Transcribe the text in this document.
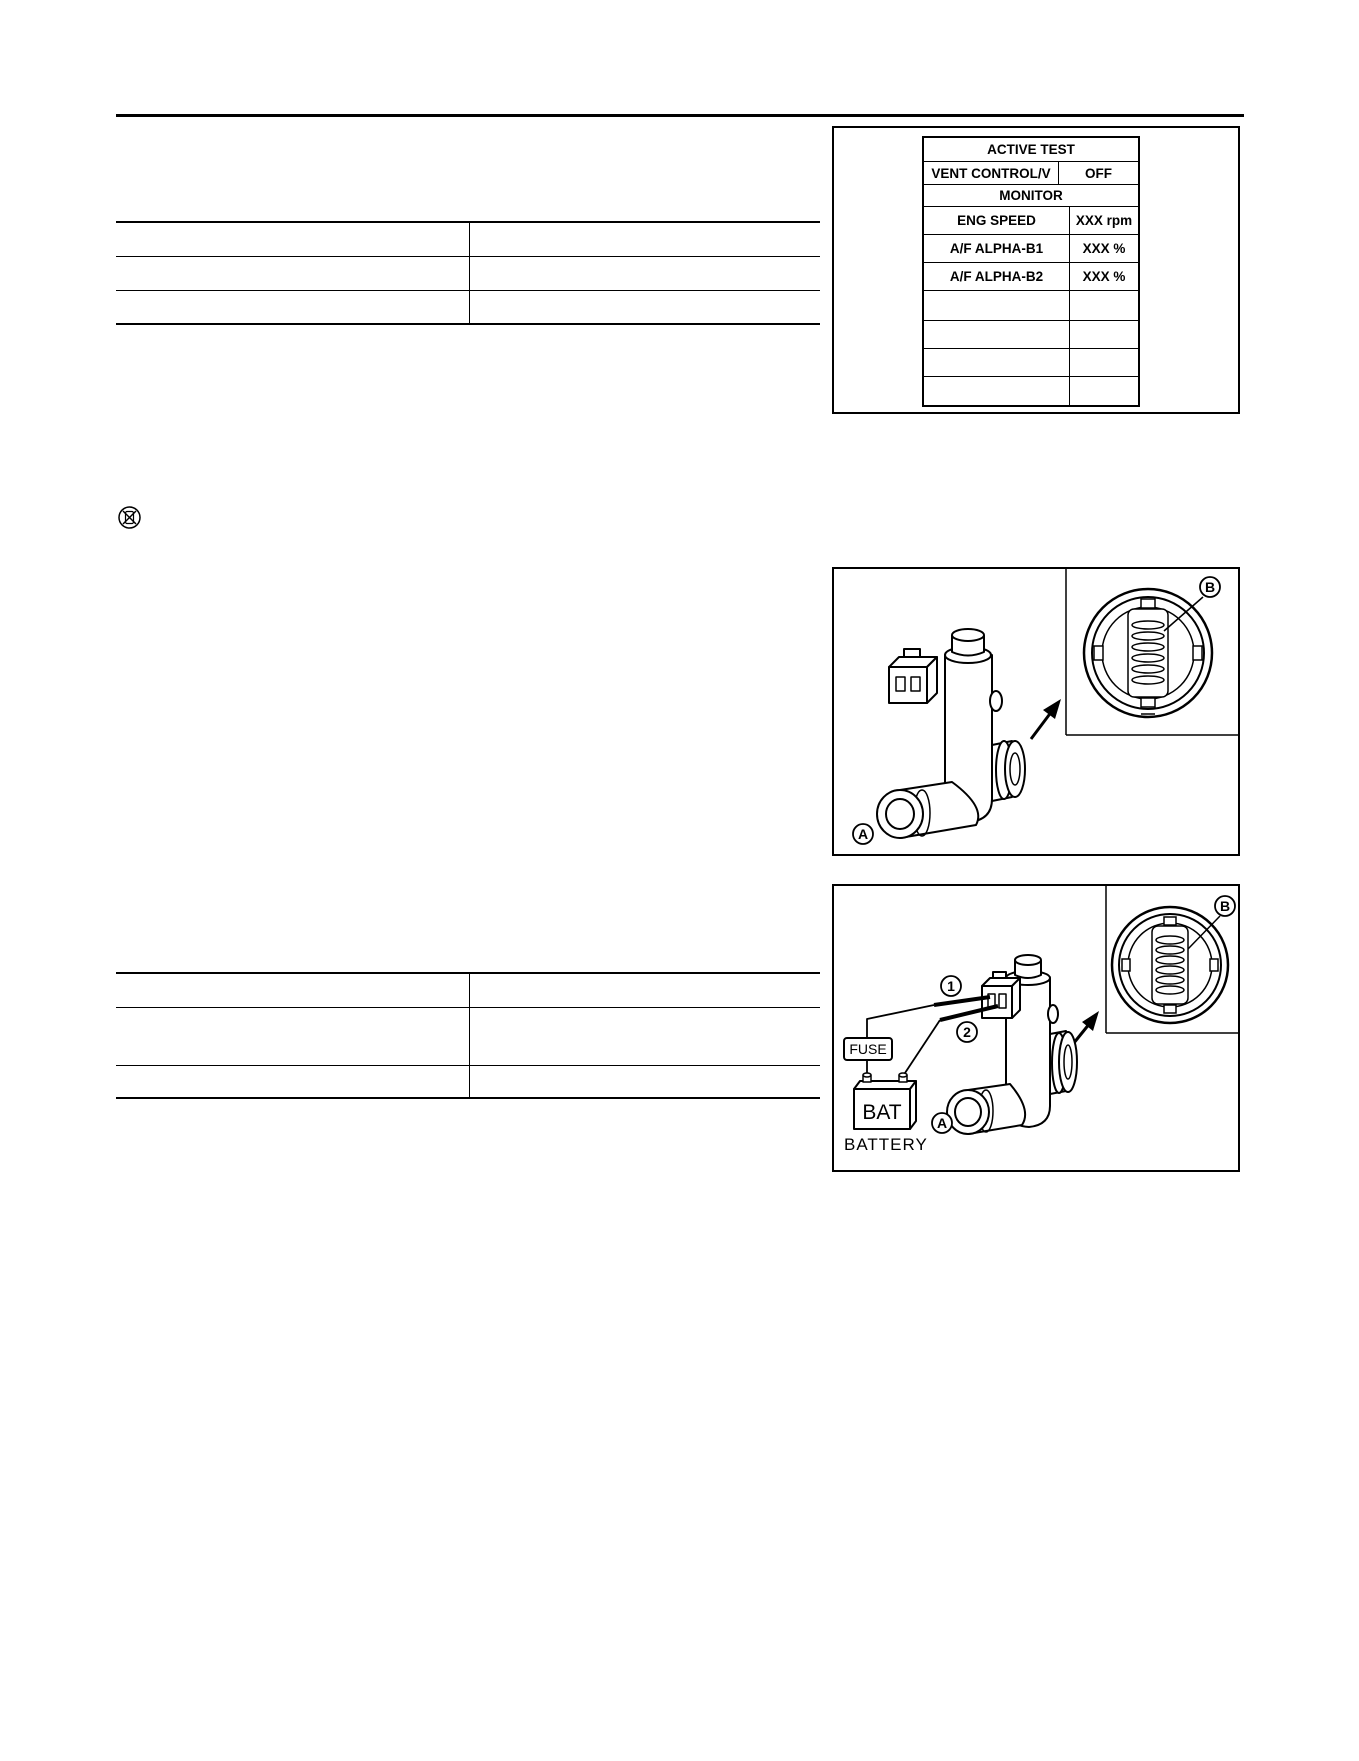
ACTIVE TEST
VENT CONTROL/V	OFF
MONITOR
ENG SPEED	XXX rpm
A/F ALPHA-B1	XXX %
A/F ALPHA-B2	XXX %
B
A

B
1
2
FUSE
BAT
BATTERY
A
